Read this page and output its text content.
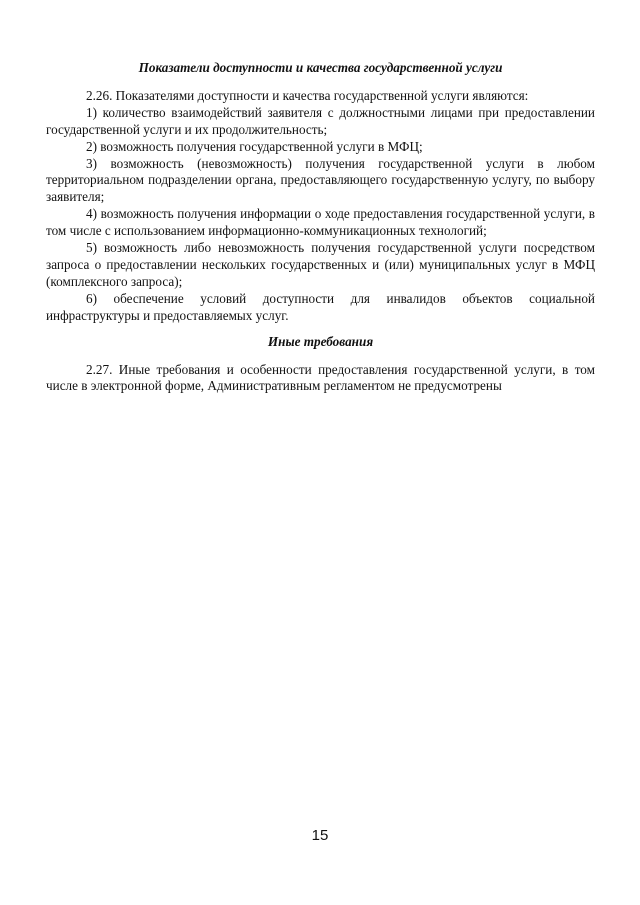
Показатели доступности и качества государственной услуги

2.26. Показателями доступности и качества государственной услуги являются:

1) количество взаимодействий заявителя с должностными лицами при предоставлении государственной услуги и их продолжительность;

2) возможность получения государственной услуги в МФЦ;

3) возможность (невозможность) получения государственной услуги в любом территориальном подразделении органа, предоставляющего государственную услугу, по выбору заявителя;

4) возможность получения информации о ходе предоставления государственной услуги, в том числе с использованием информационно-коммуникационных технологий;

5) возможность либо невозможность получения государственной услуги посредством запроса о предоставлении нескольких государственных и (или) муниципальных услуг в МФЦ (комплексного запроса);

6) обеспечение условий доступности для инвалидов объектов социальной инфраструктуры и предоставляемых услуг.

Иные требования

2.27. Иные требования и особенности предоставления государственной услуги, в том числе в электронной форме, Административным регламентом не предусмотрены

15
